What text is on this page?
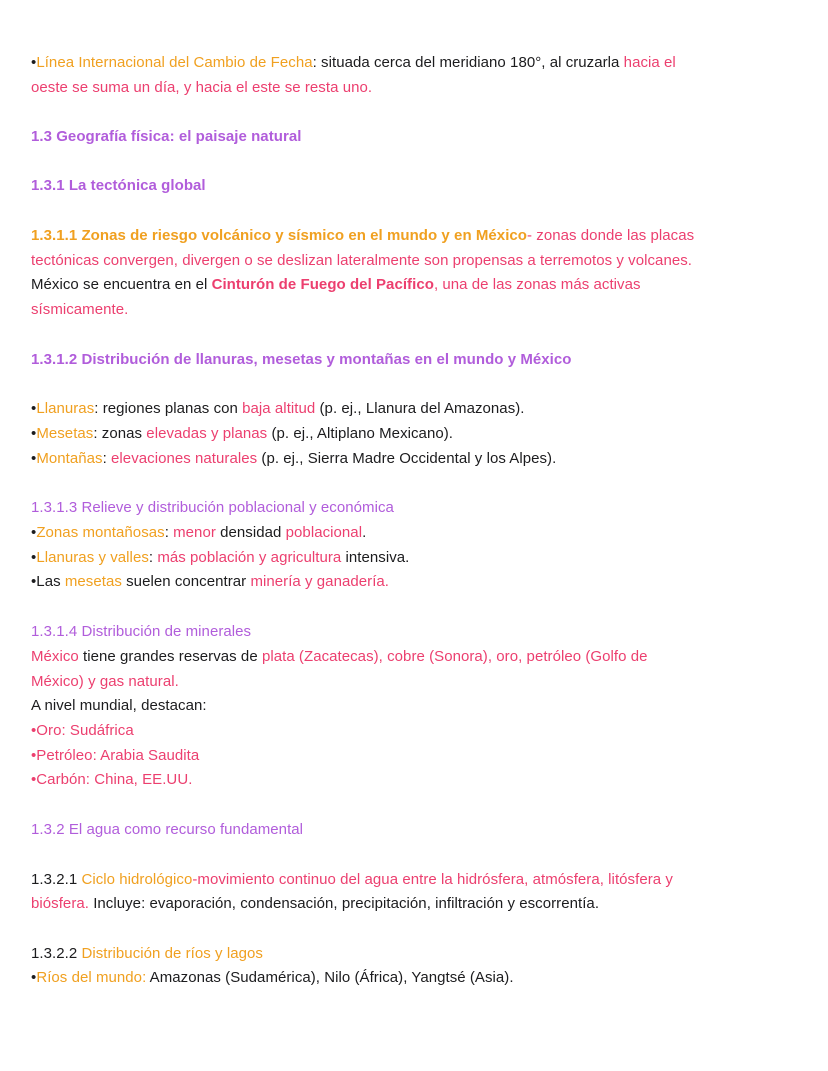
•Línea Internacional del Cambio de Fecha: situada cerca del meridiano 180°, al cruzarla hacia el
oeste se suma un día, y hacia el este se resta uno.
1.3 Geografía física: el paisaje natural
1.3.1 La tectónica global
1.3.1.1 Zonas de riesgo volcánico y sísmico en el mundo y en México- zonas donde las placas
tectónicas convergen, divergen o se deslizan lateralmente son propensas a terremotos y volcanes.
México se encuentra en el Cinturón de Fuego del Pacífico, una de las zonas más activas
sísmicamente.
1.3.1.2 Distribución de llanuras, mesetas y montañas en el mundo y México
•Llanuras: regiones planas con baja altitud (p. ej., Llanura del Amazonas).
•Mesetas: zonas elevadas y planas (p. ej., Altiplano Mexicano).
•Montañas: elevaciones naturales (p. ej., Sierra Madre Occidental y los Alpes).
1.3.1.3 Relieve y distribución poblacional y económica
•Zonas montañosas: menor densidad poblacional.
•Llanuras y valles: más población y agricultura intensiva.
•Las mesetas suelen concentrar minería y ganadería.
1.3.1.4 Distribución de minerales
México tiene grandes reservas de plata (Zacatecas), cobre (Sonora), oro, petróleo (Golfo de
México) y gas natural.
A nivel mundial, destacan:
•Oro: Sudáfrica
•Petróleo: Arabia Saudita
•Carbón: China, EE.UU.
1.3.2 El agua como recurso fundamental
1.3.2.1 Ciclo hidrológico-movimiento continuo del agua entre la hidrósfera, atmósfera, litósfera y
biósfera. Incluye: evaporación, condensación, precipitación, infiltración y escorrentía.
1.3.2.2 Distribución de ríos y lagos
•Ríos del mundo: Amazonas (Sudamérica), Nilo (África), Yangtsé (Asia).
